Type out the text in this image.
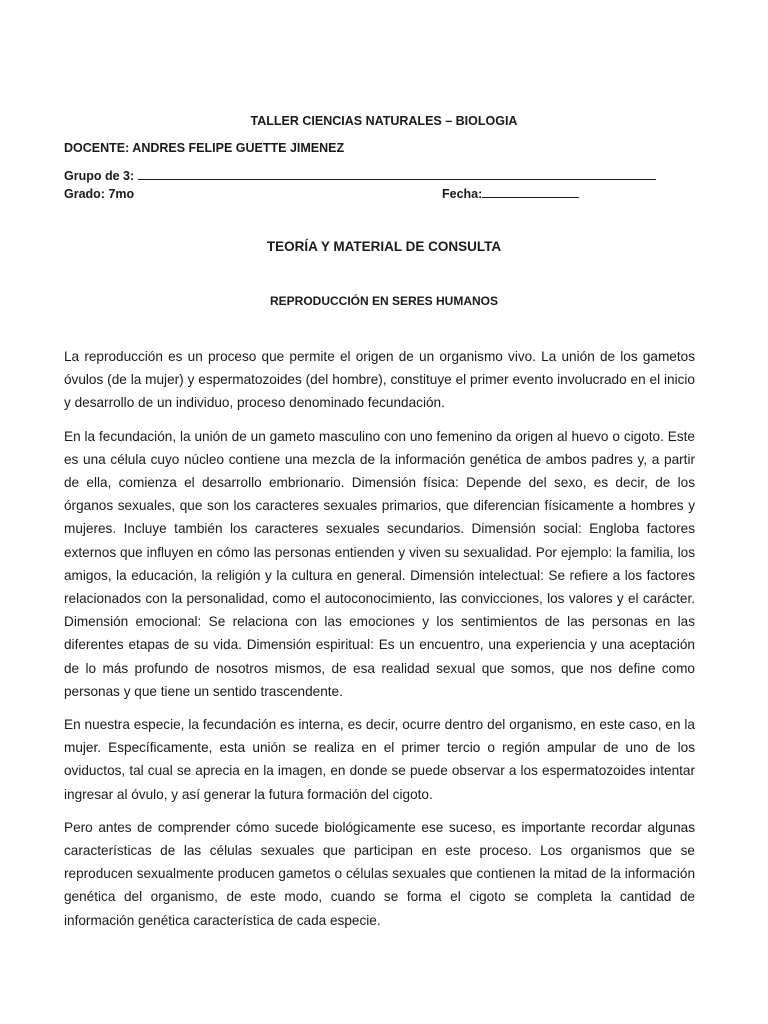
TALLER CIENCIAS NATURALES – BIOLOGIA
DOCENTE: ANDRES FELIPE GUETTE JIMENEZ
Grupo de 3:
Grado: 7mo	Fecha:
TEORÍA Y MATERIAL DE CONSULTA
REPRODUCCIÓN EN SERES HUMANOS

La reproducción es un proceso que permite el origen de un organismo vivo. La unión de los gametos óvulos (de la mujer) y espermatozoides (del hombre), constituye el primer evento involucrado en el inicio y desarrollo de un individuo, proceso denominado fecundación.

En la fecundación, la unión de un gameto masculino con uno femenino da origen al huevo o cigoto. Este es una célula cuyo núcleo contiene una mezcla de la información genética de ambos padres y, a partir de ella, comienza el desarrollo embrionario. Dimensión física: Depende del sexo, es decir, de los órganos sexuales, que son los caracteres sexuales primarios, que diferencian físicamente a hombres y mujeres. Incluye también los caracteres sexuales secundarios. Dimensión social: Engloba factores externos que influyen en cómo las personas entienden y viven su sexualidad. Por ejemplo: la familia, los amigos, la educación, la religión y la cultura en general. Dimensión intelectual: Se refiere a los factores relacionados con la personalidad, como el autoconocimiento, las convicciones, los valores y el carácter. Dimensión emocional: Se relaciona con las emociones y los sentimientos de las personas en las diferentes etapas de su vida. Dimensión espiritual: Es un encuentro, una experiencia y una aceptación de lo más profundo de nosotros mismos, de esa realidad sexual que somos, que nos define como personas y que tiene un sentido trascendente.

En nuestra especie, la fecundación es interna, es decir, ocurre dentro del organismo, en este caso, en la mujer. Específicamente, esta unión se realiza en el primer tercio o región ampular de uno de los oviductos, tal cual se aprecia en la imagen, en donde se puede observar a los espermatozoides intentar ingresar al óvulo, y así generar la futura formación del cigoto.

Pero antes de comprender cómo sucede biológicamente ese suceso, es importante recordar algunas características de las células sexuales que participan en este proceso. Los organismos que se reproducen sexualmente producen gametos o células sexuales que contienen la mitad de la información genética del organismo, de este modo, cuando se forma el cigoto se completa la cantidad de información genética característica de cada especie.
